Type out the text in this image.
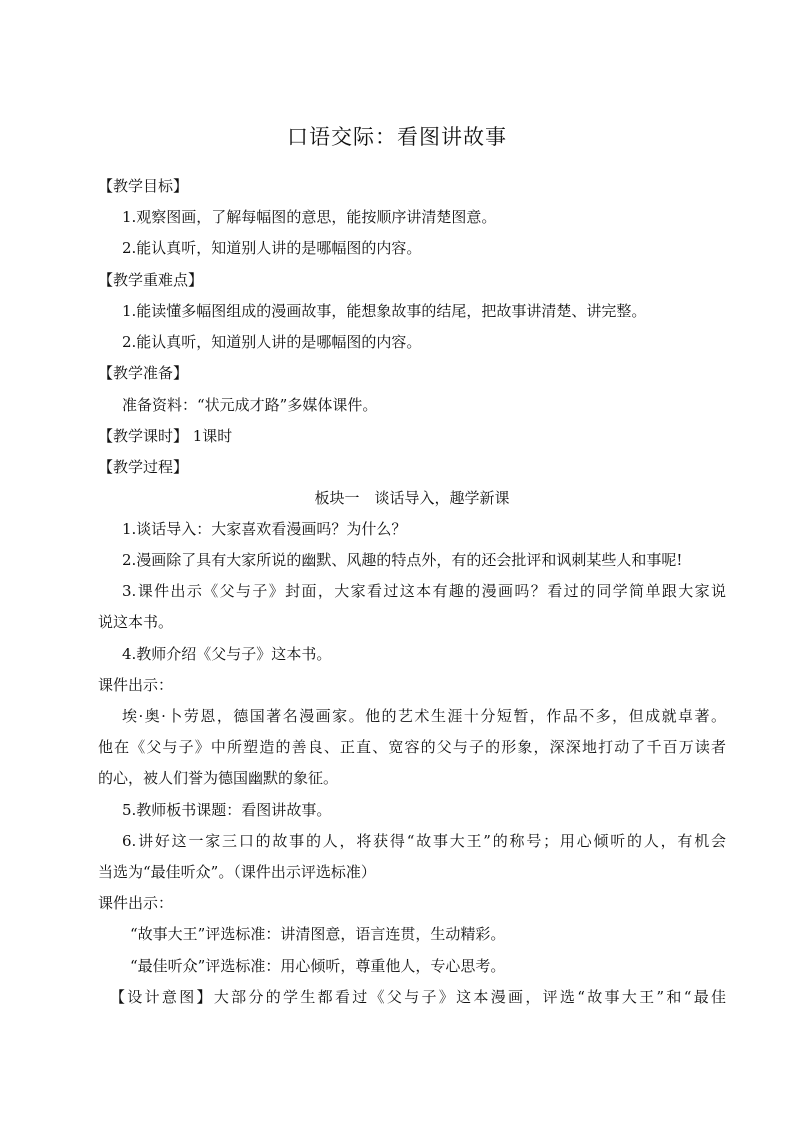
口语交际：看图讲故事
【教学目标】
1.观察图画，了解每幅图的意思，能按顺序讲清楚图意。
2.能认真听，知道别人讲的是哪幅图的内容。
【教学重难点】
1.能读懂多幅图组成的漫画故事，能想象故事的结尾，把故事讲清楚、讲完整。
2.能认真听，知道别人讲的是哪幅图的内容。
【教学准备】
准备资料：“状元成才路”多媒体课件。
【教学课时】 1课时
【教学过程】
板块一　谈话导入，趣学新课
1.谈话导入：大家喜欢看漫画吗？为什么？
2.漫画除了具有大家所说的幽默、风趣的特点外，有的还会批评和讽刺某些人和事呢!
3.课件出示《父与子》封面，大家看过这本有趣的漫画吗？看过的同学简单跟大家说
说这本书。
4.教师介绍《父与子》这本书。
课件出示：
埃·奥·卜劳恩，德国著名漫画家。他的艺术生涯十分短暂，作品不多，但成就卓著。
他在《父与子》中所塑造的善良、正直、宽容的父与子的形象，深深地打动了千百万读者
的心，被人们誉为德国幽默的象征。
5.教师板书课题：看图讲故事。
6.讲好这一家三口的故事的人，将获得“故事大王”的称号；用心倾听的人，有机会
当选为“最佳听众”。（课件出示评选标准）
课件出示：
“故事大王”评选标准：讲清图意，语言连贯，生动精彩。
“最佳听众”评选标准：用心倾听，尊重他人，专心思考。
【设计意图】大部分的学生都看过《父与子》这本漫画，评选“故事大王”和“最佳
